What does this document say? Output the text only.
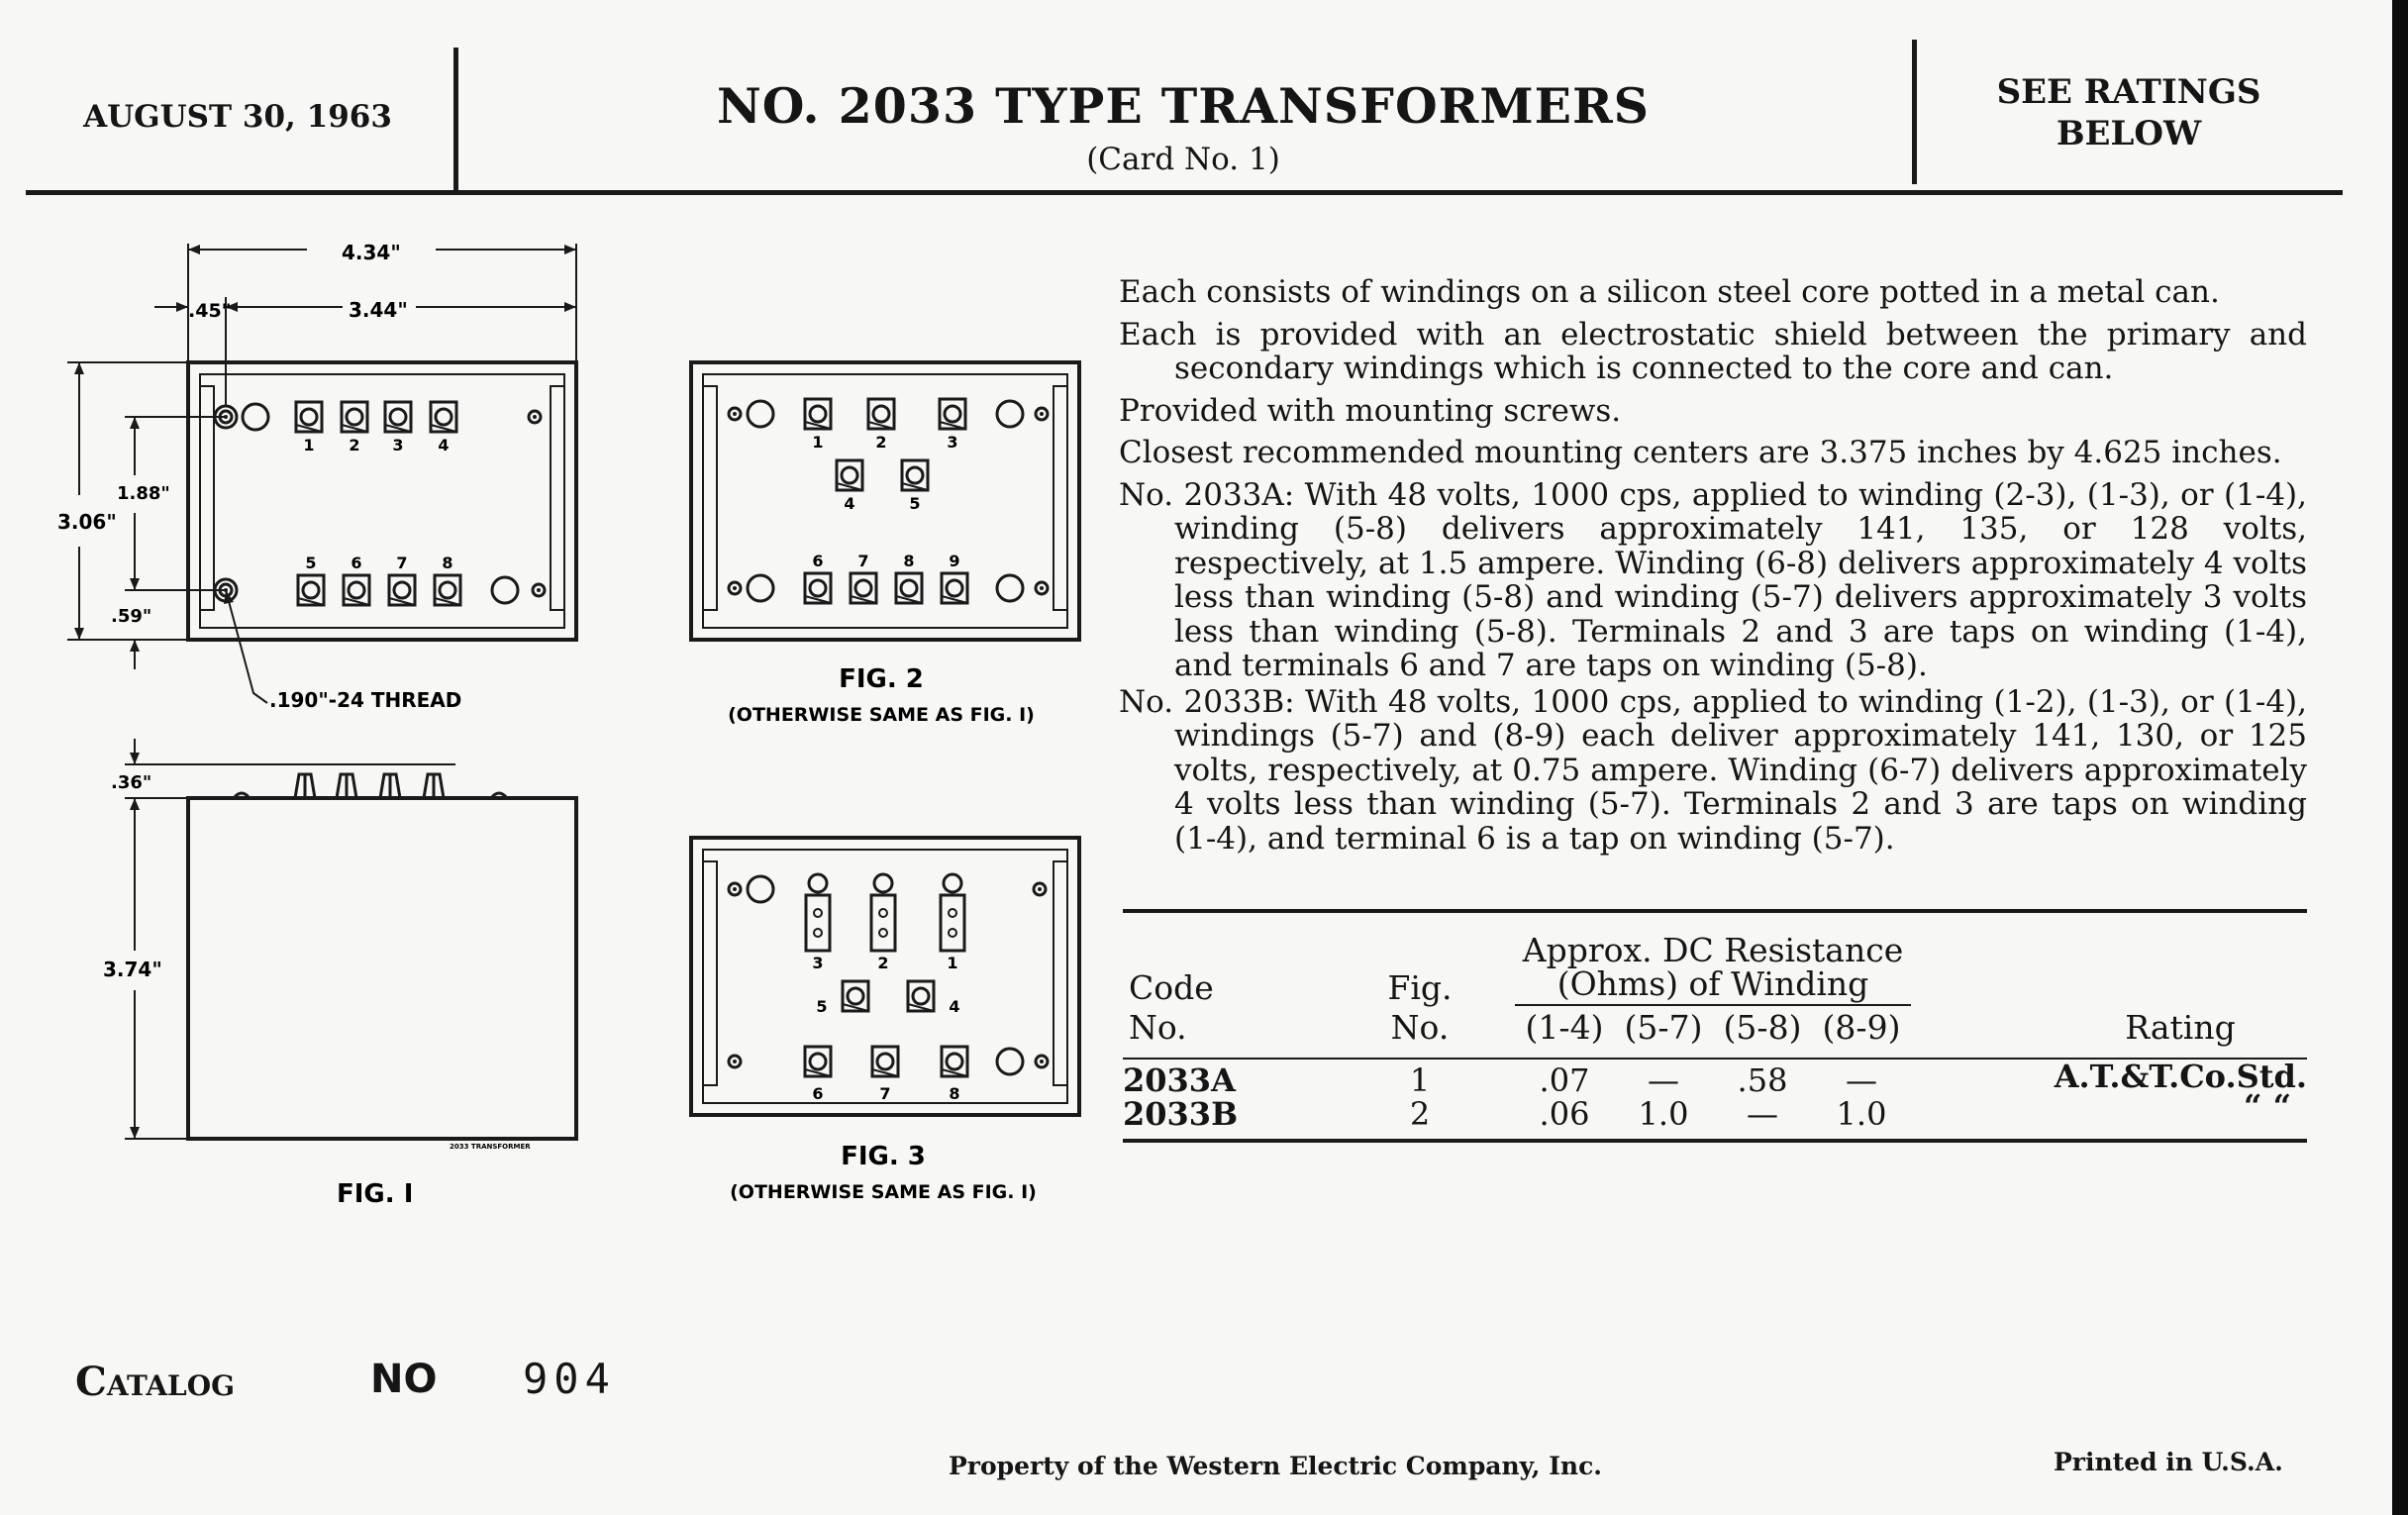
AUGUST 30, 1963	NO. 2033 TYPE TRANSFORMERS
(Card No. 1)
SEE RATINGS
BELOW
1 2 3 4
5 6 7 8
4.34"
.45"	3.44"
3.06"
1.88"
.59"
.190"-24 THREAD
.36"
3.74"
2033 TRANSFORMER
FIG. I
1	2	3
4	5
6 7 8 9
FIG. 2
(OTHERWISE SAME AS FIG. I)
3	2	1
5	4
6	7	8
FIG. 3
(OTHERWISE SAME AS FIG. I)

Each consists of windings on a silicon steel core potted in a metal can.

Each is provided with an electrostatic shield between the primary and secondary windings which is connected to the core and can.

Provided with mounting screws.

Closest recommended mounting centers are 3.375 inches by 4.625 inches.

No. 2033A: With 48 volts, 1000 cps, applied to winding (2-3), (1-3), or (1-4), winding (5-8) delivers approximately 141, 135, or 128 volts, respectively, at 1.5 ampere. Winding (6-8) delivers approximately 4 volts less than winding (5-8) and winding (5-7) delivers approximately 3 volts less than winding (5-8). Terminals 2 and 3 are taps on winding (1-4), and terminals 6 and 7 are taps on winding (5-8).

No. 2033B: With 48 volts, 1000 cps, applied to winding (1-2), (1-3), or (1-4), windings (5-7) and (8-9) each deliver approximately 141, 130, or 125 volts, respectively, at 0.75 ampere. Winding (6-7) delivers approximately 4 volts less than winding (5-7). Terminals 2 and 3 are taps on winding (1-4), and terminal 6 is a tap on winding (5-7).

Code
No.
Fig.
No.
Approx. DC Resistance
(Ohms) of Winding
(1-4) (5-7) (5-8) (8-9)	Rating
2033A	1	.07	—	.58	—	A.T.&T.Co.Std.
2033B	2	.06	1.0	—	1.0	“ “
Catalog	NO 904
Property of the Western Electric Company, Inc.	Printed in U.S.A.
